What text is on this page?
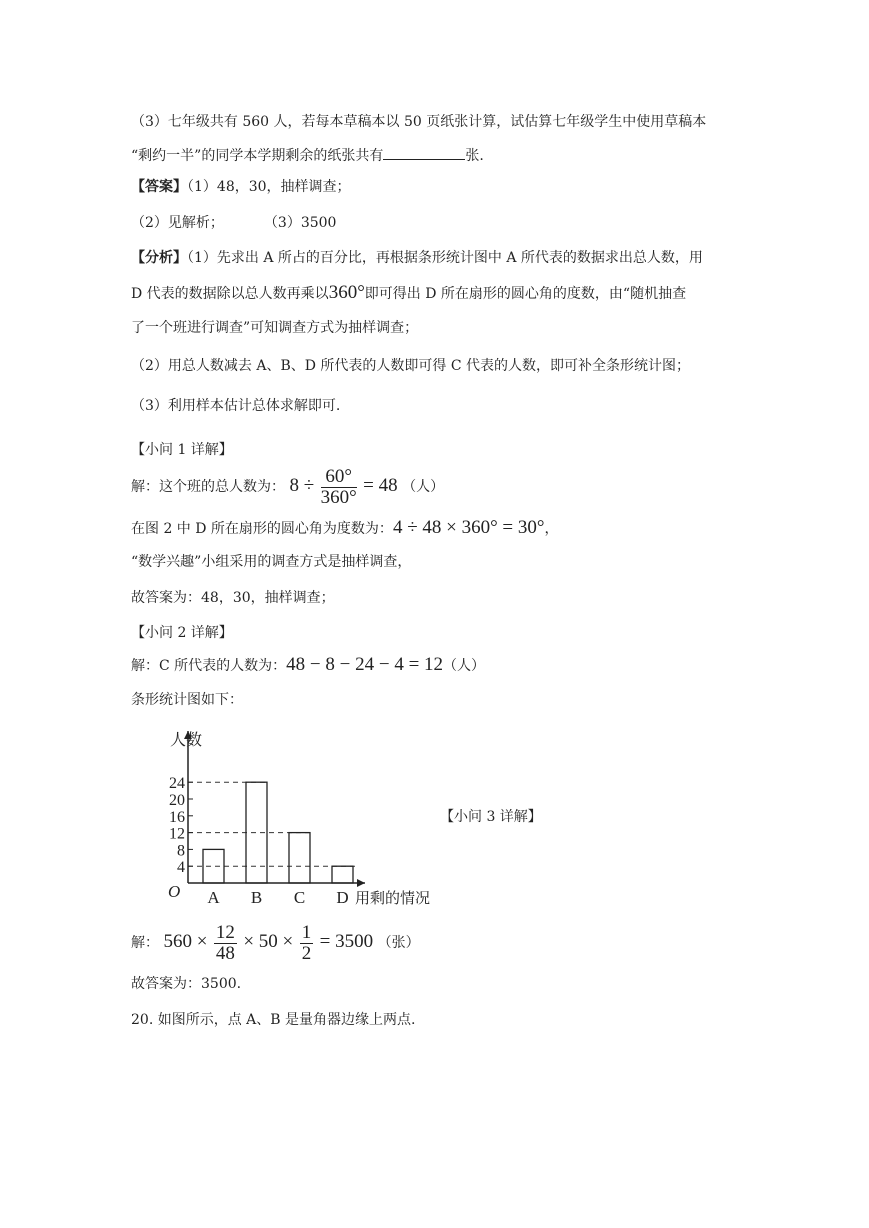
（3）七年级共有 560 人，若每本草稿本以 50 页纸张计算，试估算七年级学生中使用草稿本
“剩约一半”的同学本学期剩余的纸张共有	张.
【答案】（1）48，30，抽样调查；
（2）见解析；	（3）3500
【分析】（1）先求出 A 所占的百分比，再根据条形统计图中 A 所代表的数据求出总人数，用
D 代表的数据除以总人数再乘以360°即可得出 D 所在扇形的圆心角的度数，由“随机抽查
了一个班进行调查”可知调查方式为抽样调查；
（2）用总人数减去 A、B、D 所代表的人数即可得 C 代表的人数，即可补全条形统计图；
（3）利用样本估计总体求解即可.
【小问 1 详解】
解：这个班的总人数为： $8 \div \frac{60^\circ}{360^\circ} = 48$ （人）
在图 2 中 D 所在扇形的圆心角为度数为：4 ÷ 48 × 360° = 30°，
“数学兴趣”小组采用的调查方式是抽样调查，
故答案为：48，30，抽样调查；
【小问 2 详解】
解：C 所代表的人数为：48 − 8 − 24 − 4 = 12（人）
条形统计图如下：
4
8
12
16
20
24
A B C D
人数
用剩的情况
O
【小问 3 详解】
解： $560 \times \frac{12}{48} \times 50 \times \frac{1}{2} = 3500$ （张）
故答案为：3500.
20. 如图所示，点 A、B 是量角器边缘上两点.
